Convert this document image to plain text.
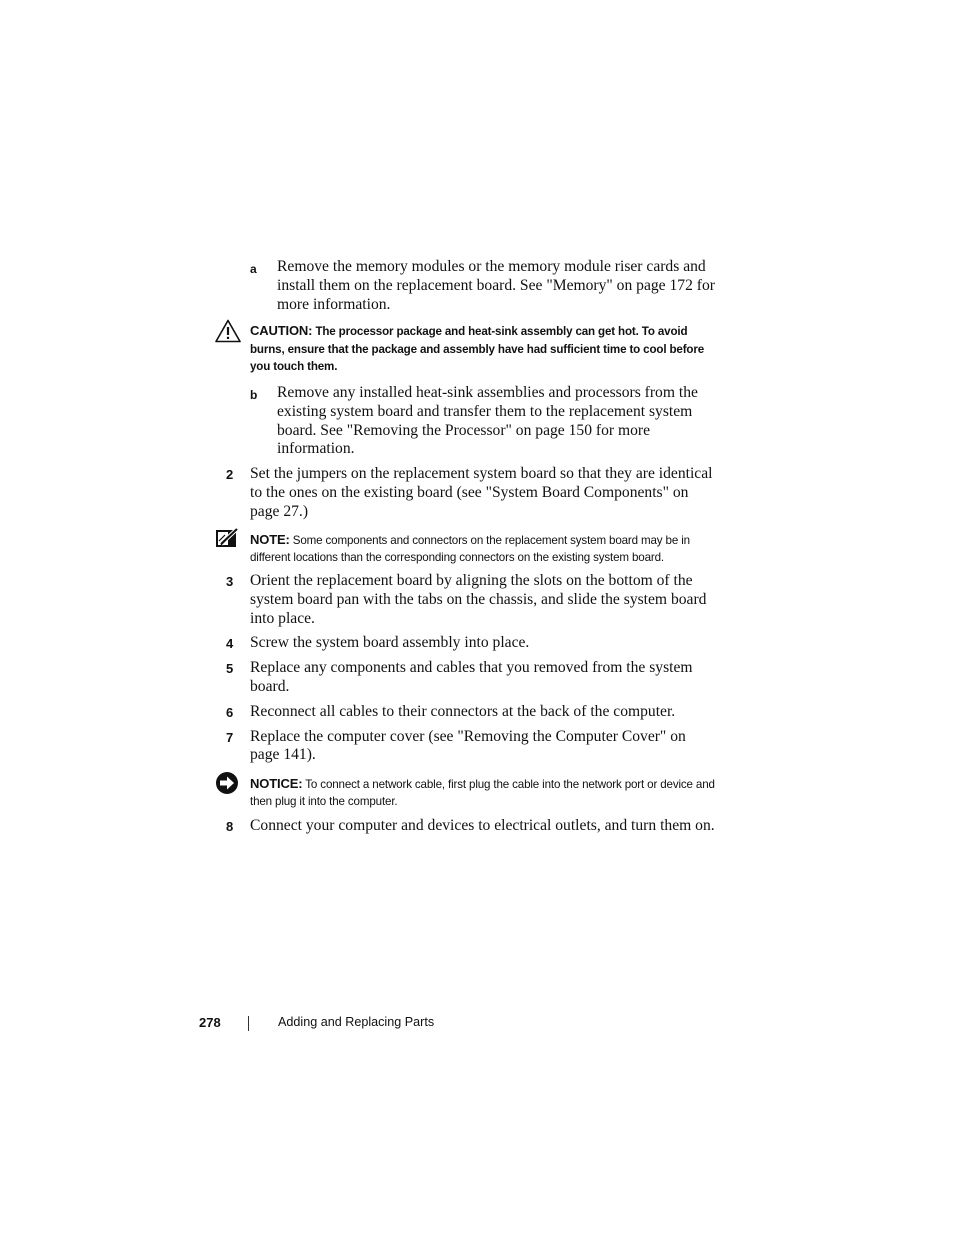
a Remove the memory modules or the memory module riser cards and install them on the replacement board. See "Memory" on page 172 for more information.
CAUTION: The processor package and heat-sink assembly can get hot. To avoid burns, ensure that the package and assembly have had sufficient time to cool before you touch them.
b Remove any installed heat-sink assemblies and processors from the existing system board and transfer them to the replacement system board. See "Removing the Processor" on page 150 for more information.
2 Set the jumpers on the replacement system board so that they are identical to the ones on the existing board (see "System Board Components" on page 27.)
NOTE: Some components and connectors on the replacement system board may be in different locations than the corresponding connectors on the existing system board.
3 Orient the replacement board by aligning the slots on the bottom of the system board pan with the tabs on the chassis, and slide the system board into place.
4 Screw the system board assembly into place.
5 Replace any components and cables that you removed from the system board.
6 Reconnect all cables to their connectors at the back of the computer.
7 Replace the computer cover (see "Removing the Computer Cover" on page 141).
NOTICE: To connect a network cable, first plug the cable into the network port or device and then plug it into the computer.
8 Connect your computer and devices to electrical outlets, and turn them on.
278	Adding and Replacing Parts
